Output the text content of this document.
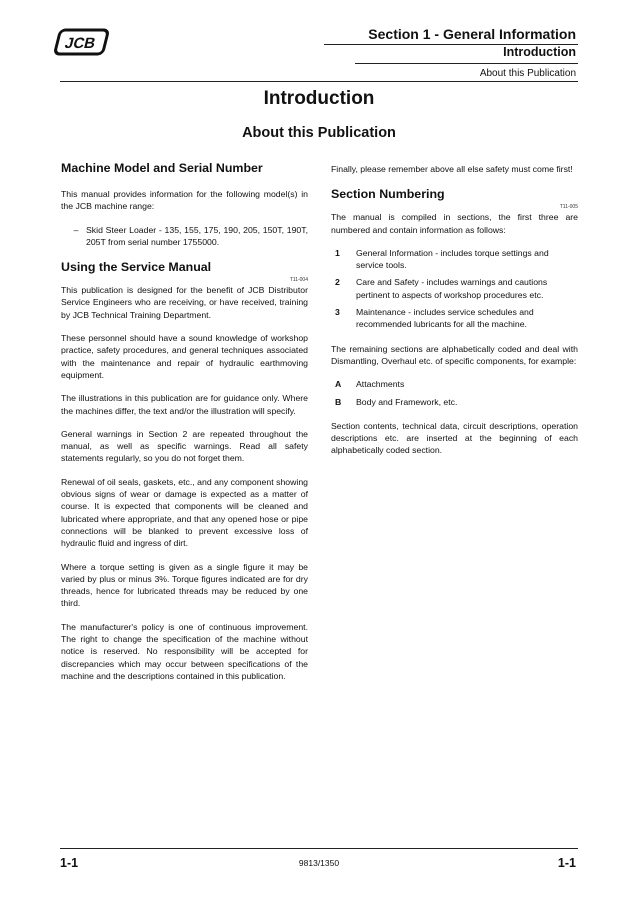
JCB
Section 1 - General Information
Introduction
About this Publication
Introduction
About this Publication
Machine Model and Serial Number

This manual provides information for the following model(s) in the JCB machine range:

– Skid Steer Loader - 135, 155, 175, 190, 205, 150T, 190T, 205T from serial number 1755000.
Using the Service Manual
T11-004

This publication is designed for the benefit of JCB Distributor Service Engineers who are receiving, or have received, training by JCB Technical Training Department.

These personnel should have a sound knowledge of workshop practice, safety procedures, and general techniques associated with the maintenance and repair of hydraulic earthmoving equipment.

The illustrations in this publication are for guidance only. Where the machines differ, the text and/or the illustration will specify.

General warnings in Section 2 are repeated throughout the manual, as well as specific warnings. Read all safety statements regularly, so you do not forget them.

Renewal of oil seals, gaskets, etc., and any component showing obvious signs of wear or damage is expected as a matter of course. It is expected that components will be cleaned and lubricated where appropriate, and that any opened hose or pipe connections will be blanked to prevent excessive loss of hydraulic fluid and ingress of dirt.

Where a torque setting is given as a single figure it may be varied by plus or minus 3%. Torque figures indicated are for dry threads, hence for lubricated threads may be reduced by one third.

The manufacturer's policy is one of continuous improvement. The right to change the specification of the machine without notice is reserved. No responsibility will be accepted for discrepancies which may occur between specifications of the machine and the descriptions contained in this publication.

Finally, please remember above all else safety must come first!

Section Numbering
T11-005

The manual is compiled in sections, the first three are numbered and contain information as follows:

1	General Information - includes torque settings and service tools.
2	Care and Safety - includes warnings and cautions pertinent to aspects of workshop procedures etc.
3	Maintenance - includes service schedules and recommended lubricants for all the machine.

The remaining sections are alphabetically coded and deal with Dismantling, Overhaul etc. of specific components, for example:

A	Attachments
B	Body and Framework, etc.

Section contents, technical data, circuit descriptions, operation descriptions etc. are inserted at the beginning of each alphabetically coded section.

1-1	9813/1350	1-1
